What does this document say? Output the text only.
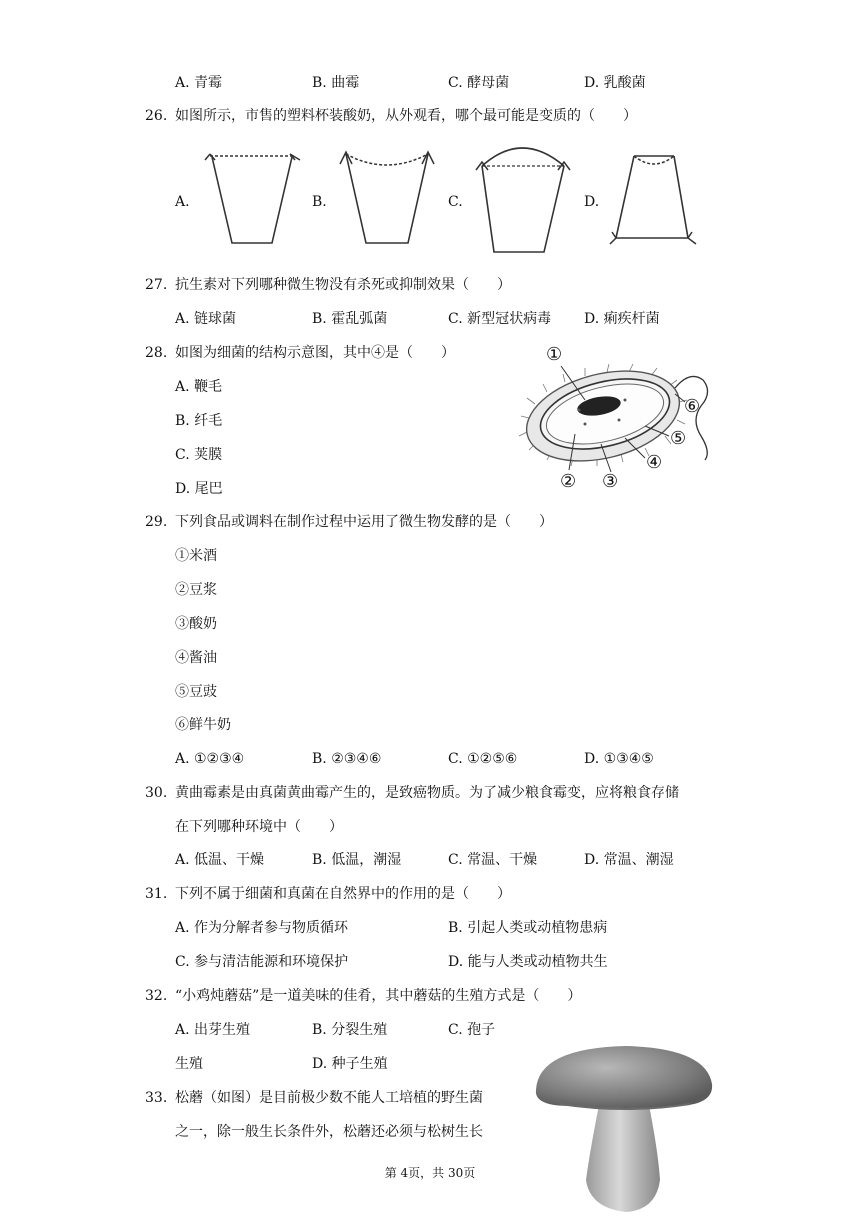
A. 青霉	B. 曲霉	C. 酵母菌	D. 乳酸菌
26. 如图所示，市售的塑料杯装酸奶，从外观看，哪个最可能是变质的（　　）
A.	B.	C.	D.
27. 抗生素对下列哪种微生物没有杀死或抑制效果（　　）
A. 链球菌	B. 霍乱弧菌	C. 新型冠状病毒 D. 痢疾杆菌
28. 如图为细菌的结构示意图，其中④是（　　）
A. 鞭毛
B. 纤毛
C. 荚膜
D. 尾巴
①
② ③
④
⑤
⑥
29. 下列食品或调料在制作过程中运用了微生物发酵的是（　　）
①米酒
②豆浆
③酸奶
④酱油
⑤豆豉
⑥鲜牛奶
A. ①②③④	B. ②③④⑥	C. ①②⑤⑥	D. ①③④⑤
30. 黄曲霉素是由真菌黄曲霉产生的，是致癌物质。为了减少粮食霉变，应将粮食存储
在下列哪种环境中（　　）
A. 低温、干燥	B. 低温，潮湿	C. 常温、干燥	D. 常温、潮湿
31. 下列不属于细菌和真菌在自然界中的作用的是（　　）
A. 作为分解者参与物质循环	B. 引起人类或动植物患病
C. 参与清洁能源和环境保护	D. 能与人类或动植物共生
32. “小鸡炖蘑菇”是一道美味的佳肴，其中蘑菇的生殖方式是（　　）
A. 出芽生殖	B. 分裂生殖	C. 孢子
生殖	D. 种子生殖
33. 松蘑（如图）是目前极少数不能人工培植的野生菌
之一，除一般生长条件外，松蘑还必须与松树生长
第 4页，共 30页
